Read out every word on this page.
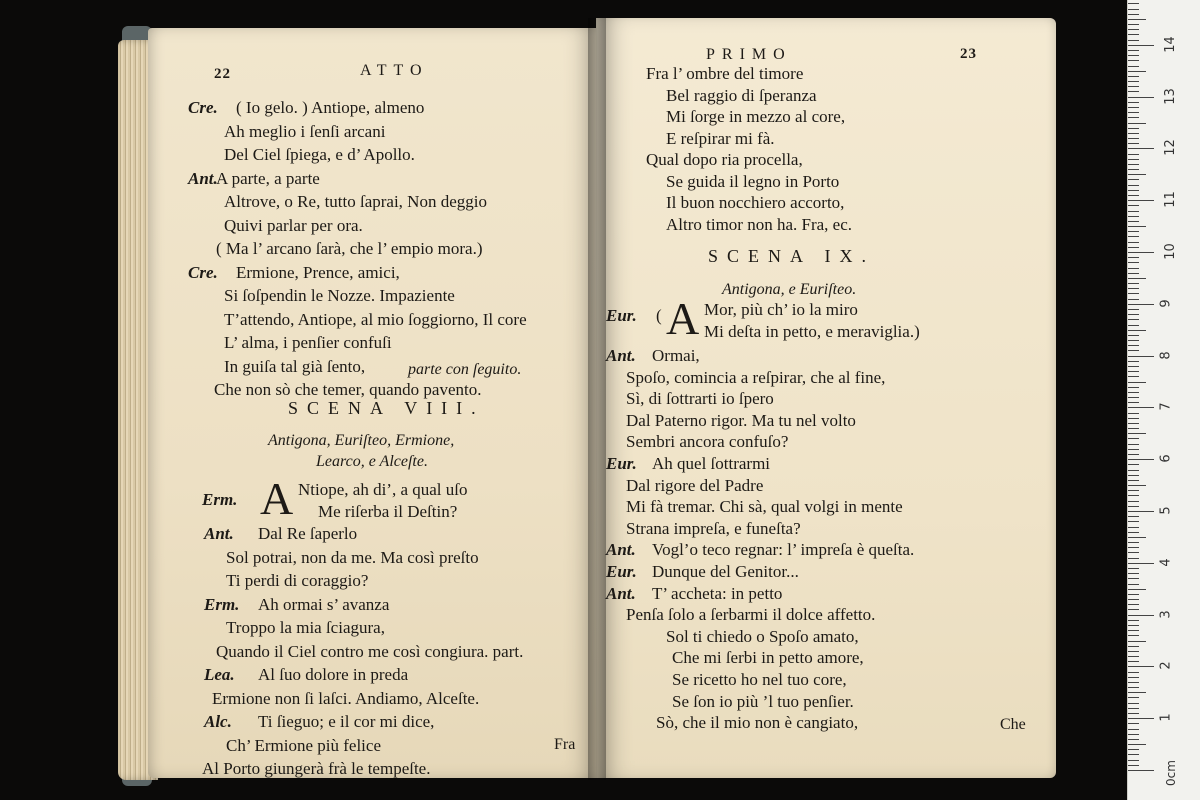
22	ATTO
Cre. ( Io gelo. ) Antiope, almeno
Ah meglio i ſenſi arcani
Del Ciel ſpiega, e d’ Apollo.
Ant.
A parte, a parte
Altrove, o Re, tutto ſaprai, Non deggio
Quivi parlar per ora.
( Ma l’ arcano ſarà, che l’ empio mora.)
Cre. Ermione, Prence, amici,
Si ſoſpendin le Nozze. Impaziente
T’attendo, Antiope, al mio ſoggiorno, Il core
L’ alma, i penſier confuſi
In guiſa tal già ſento,
Che non sò che temer, quando pavento.
parte con ſeguito.
SCENA VIII.
Antigona, Euriſteo, Ermione,
Learco, e Alceſte.
Erm. A Ntiope, ah di’, a qual uſo
Me riſerba il Deſtin?
Ant. Dal Re ſaperlo
Sol potrai, non da me. Ma così preſto
Ti perdi di coraggio?
Erm. Ah ormai s’ avanza
Troppo la mia ſciagura,
Quando il Ciel contro me così congiura. part.
Lea. Al ſuo dolore in preda
Ermione non ſi laſci. Andiamo, Alceſte.
Alc. Ti ſieguo; e il cor mi dice,
Ch’ Ermione più felice
Al Porto giungerà frà le tempeſte.
Fra
PRIMO	23
Fra l’ ombre del timore
Bel raggio di ſperanza
Mi ſorge in mezzo al core,
E reſpirar mi fà.
Qual dopo ria procella,
Se guida il legno in Porto
Il buon nocchiero accorto,
Altro timor non ha. Fra, ec.
SCENA IX.
Antigona, e Euriſteo.
Eur. ( A Mor, più ch’ io la miro
Mi deſta in petto, e meraviglia.)
Ant. Ormai,
Spoſo, comincia a reſpirar, che al fine,
Sì, di ſottrarti io ſpero
Dal Paterno rigor. Ma tu nel volto
Sembri ancora confuſo?
Eur. Ah quel ſottrarmi
Dal rigore del Padre
Mi fà tremar. Chi sà, qual volgi in mente
Strana impreſa, e funeſta?
Ant. Vogl’o teco regnar: l’ impreſa è queſta.
Eur. Dunque del Genitor...
Ant. T’ accheta: in petto
Penſa ſolo a ſerbarmi il dolce affetto.
Sol ti chiedo o Spoſo amato,
Che mi ſerbi in petto amore,
Se ricetto ho nel tuo core,
Se ſon io più ’l tuo penſier.
Sò, che il mio non è cangiato,	Che	1
2
3
4
5
6
7
8
9
10
11
12
13
14
0cm
